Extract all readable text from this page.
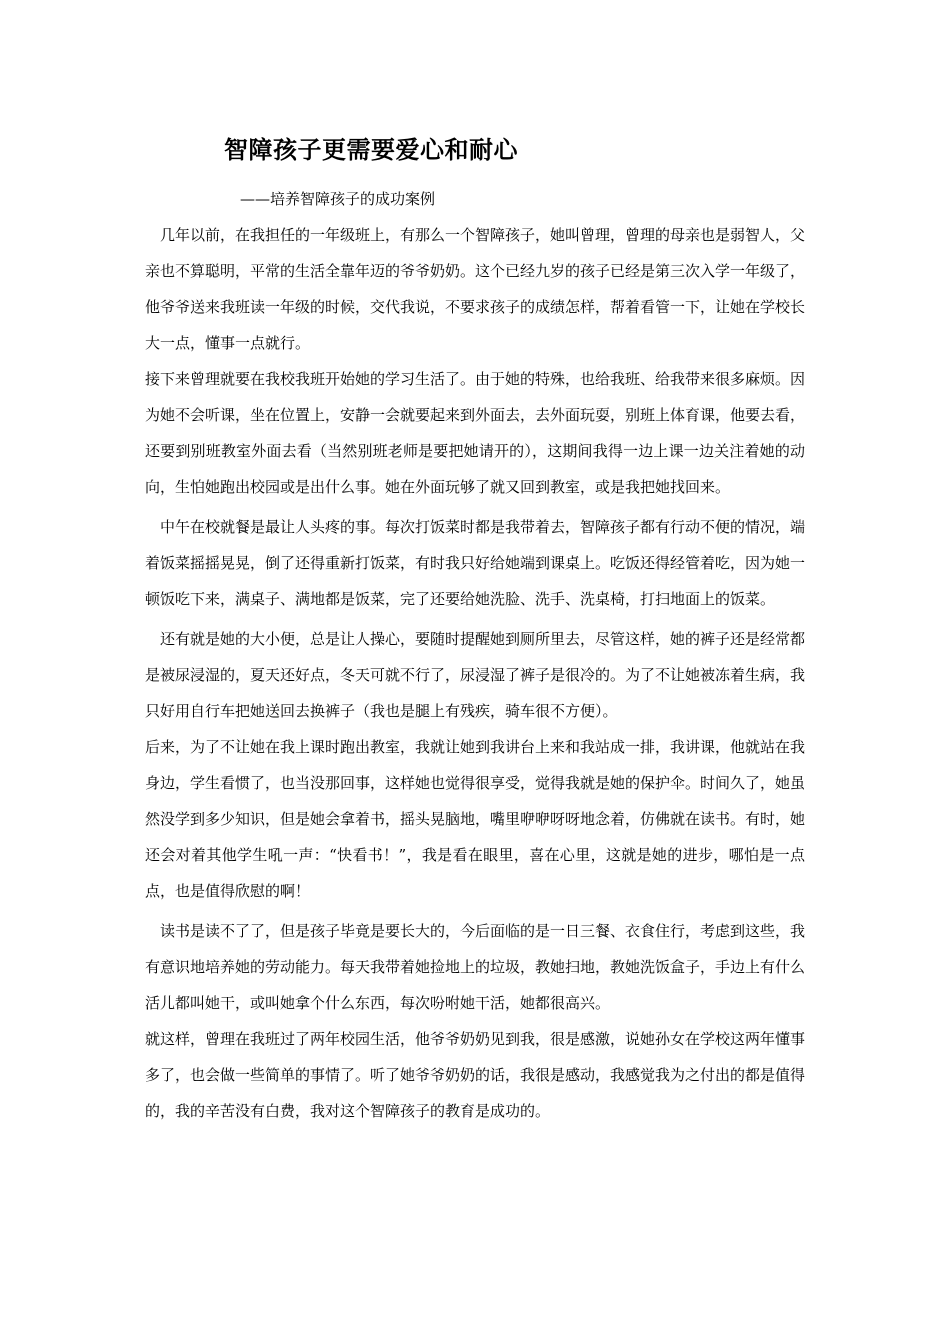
智障孩子更需要爱心和耐心
——培养智障孩子的成功案例

几年以前，在我担任的一年级班上，有那么一个智障孩子，她叫曾理，曾理的母亲也是弱智人，父亲也不算聪明，平常的生活全靠年迈的爷爷奶奶。这个已经九岁的孩子已经是第三次入学一年级了，他爷爷送来我班读一年级的时候，交代我说，不要求孩子的成绩怎样，帮着看管一下，让她在学校长大一点，懂事一点就行。

接下来曾理就要在我校我班开始她的学习生活了。由于她的特殊，也给我班、给我带来很多麻烦。因为她不会听课，坐在位置上，安静一会就要起来到外面去，去外面玩耍，别班上体育课，他要去看，还要到别班教室外面去看（当然别班老师是要把她请开的），这期间我得一边上课一边关注着她的动向，生怕她跑出校园或是出什么事。她在外面玩够了就又回到教室，或是我把她找回来。

中午在校就餐是最让人头疼的事。每次打饭菜时都是我带着去，智障孩子都有行动不便的情况，端着饭菜摇摇晃晃，倒了还得重新打饭菜，有时我只好给她端到课桌上。吃饭还得经管着吃，因为她一顿饭吃下来，满桌子、满地都是饭菜，完了还要给她洗脸、洗手、洗桌椅，打扫地面上的饭菜。

还有就是她的大小便，总是让人操心，要随时提醒她到厕所里去，尽管这样，她的裤子还是经常都是被尿浸湿的，夏天还好点，冬天可就不行了，尿浸湿了裤子是很冷的。为了不让她被冻着生病，我只好用自行车把她送回去换裤子（我也是腿上有残疾，骑车很不方便）。

后来，为了不让她在我上课时跑出教室，我就让她到我讲台上来和我站成一排，我讲课，他就站在我身边，学生看惯了，也当没那回事，这样她也觉得很享受，觉得我就是她的保护伞。时间久了，她虽然没学到多少知识，但是她会拿着书，摇头晃脑地，嘴里咿咿呀呀地念着，仿佛就在读书。有时，她还会对着其他学生吼一声：“快看书！”，我是看在眼里，喜在心里，这就是她的进步，哪怕是一点点，也是值得欣慰的啊！

读书是读不了了，但是孩子毕竟是要长大的，今后面临的是一日三餐、衣食住行，考虑到这些，我有意识地培养她的劳动能力。每天我带着她捡地上的垃圾，教她扫地，教她洗饭盒子，手边上有什么活儿都叫她干，或叫她拿个什么东西，每次吩咐她干活，她都很高兴。

就这样，曾理在我班过了两年校园生活，他爷爷奶奶见到我，很是感激，说她孙女在学校这两年懂事多了，也会做一些简单的事情了。听了她爷爷奶奶的话，我很是感动，我感觉我为之付出的都是值得的，我的辛苦没有白费，我对这个智障孩子的教育是成功的。
